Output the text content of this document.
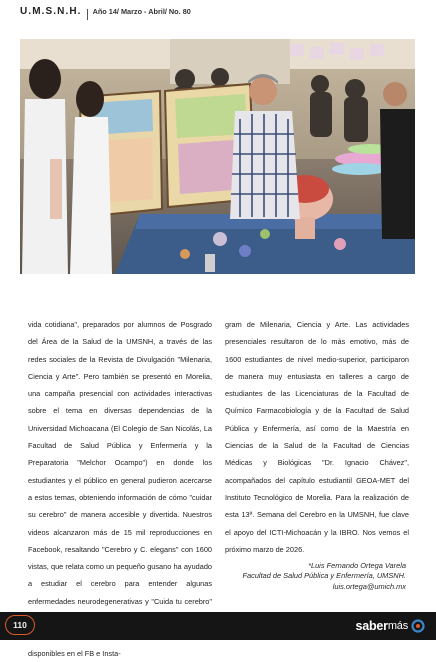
U.M.S.N.H. Año 14/ Marzo - Abril/ No. 80

vida cotidiana", preparados por alumnos de Posgrado del Área de la Salud de la UMSNH, a través de las redes sociales de la Revista de Divulgación "Milenaria, Ciencia y Arte". Pero también se presentó en Morelia, una campaña presencial con actividades interactivas sobre el tema en diversas dependencias de la Universidad Michoacana (El Colegio de San Nicolás, La Facultad de Salud Pública y Enfermería y la Preparatoria "Melchor Ocampo") en donde los estudiantes y el público en general pudieron acercarse a estos temas, obteniendo información de cómo "cuidar su cerebro" de manera accesible y divertida. Nuestros videos alcanzaron más de 15 mil reproducciones en Facebook, resaltando "Cerebro y C. elegans" con 1600 vistas, que relata como un pequeño gusano ha ayudado a estudiar el cerebro para entender algunas enfermedades neurodegenerativas y "Cuida tu cerebro" disponibles en el FB e Insta-

gram de Milenaria, Ciencia y Arte. Las actividades presenciales resultaron de lo más emotivo, más de 1600 estudiantes de nivel medio-superior, participaron de manera muy entusiasta en talleres a cargo de estudiantes de las Licenciaturas de la Facultad de Químico Farmacobiología y de la Facultad de Salud Pública y Enfermería, así como de la Maestría en Ciencias de la Salud de la Facultad de Ciencias Médicas y Biológicas "Dr. Ignacio Chávez", acompañados del capítulo estudiantil GEOA-MET del Instituto Tecnológico de Morelia. Para la realización de esta 13ª. Semana del Cerebro en la UMSNH, fue clave el apoyo del ICTI-Michoacán y la IBRO. Nos vemos el próximo marzo de 2026.

*Luis Fernando Ortega Varela
Facultad de Salud Pública y Enfermería, UMSNH.
luis.ortega@umich.mx
110	saber más
